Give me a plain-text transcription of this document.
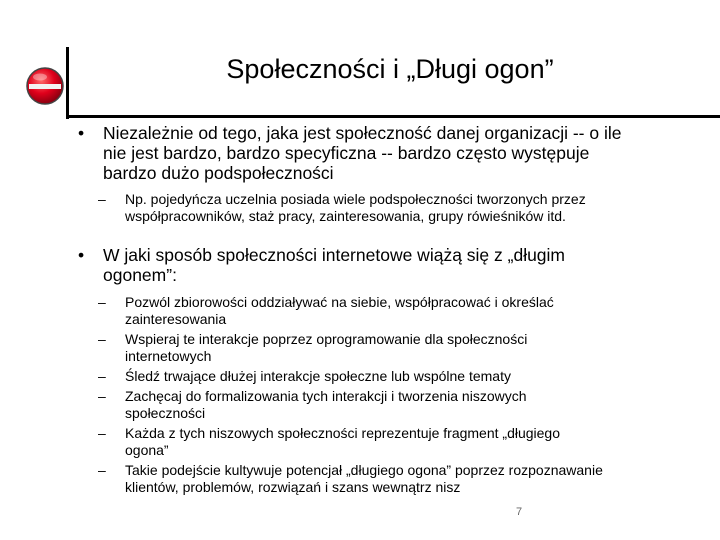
Społeczności i „Długi ogon”
• Niezależnie od tego, jaka jest społeczność danej organizacji -- o ile
nie jest bardzo, bardzo specyficzna -- bardzo często występuje
bardzo dużo podspołeczności
– Np. pojedyńcza uczelnia posiada wiele podspołeczności tworzonych przez
współpracowników, staż pracy, zainteresowania, grupy rówieśników itd.
• W jaki sposób społeczności internetowe wiążą się z „długim
ogonem”:
– Pozwól zbiorowości oddziaływać na siebie, współpracować i określać
zainteresowania
– Wspieraj te interakcje poprzez oprogramowanie dla społeczności
internetowych
– Śledź trwające dłużej interakcje społeczne lub wspólne tematy
– Zachęcaj do formalizowania tych interakcji i tworzenia niszowych
społeczności
– Każda z tych niszowych społeczności reprezentuje fragment „długiego
ogona”
– Takie podejście kultywuje potencjał „długiego ogona” poprzez rozpoznawanie
klientów, problemów, rozwiązań i szans wewnątrz nisz
7
